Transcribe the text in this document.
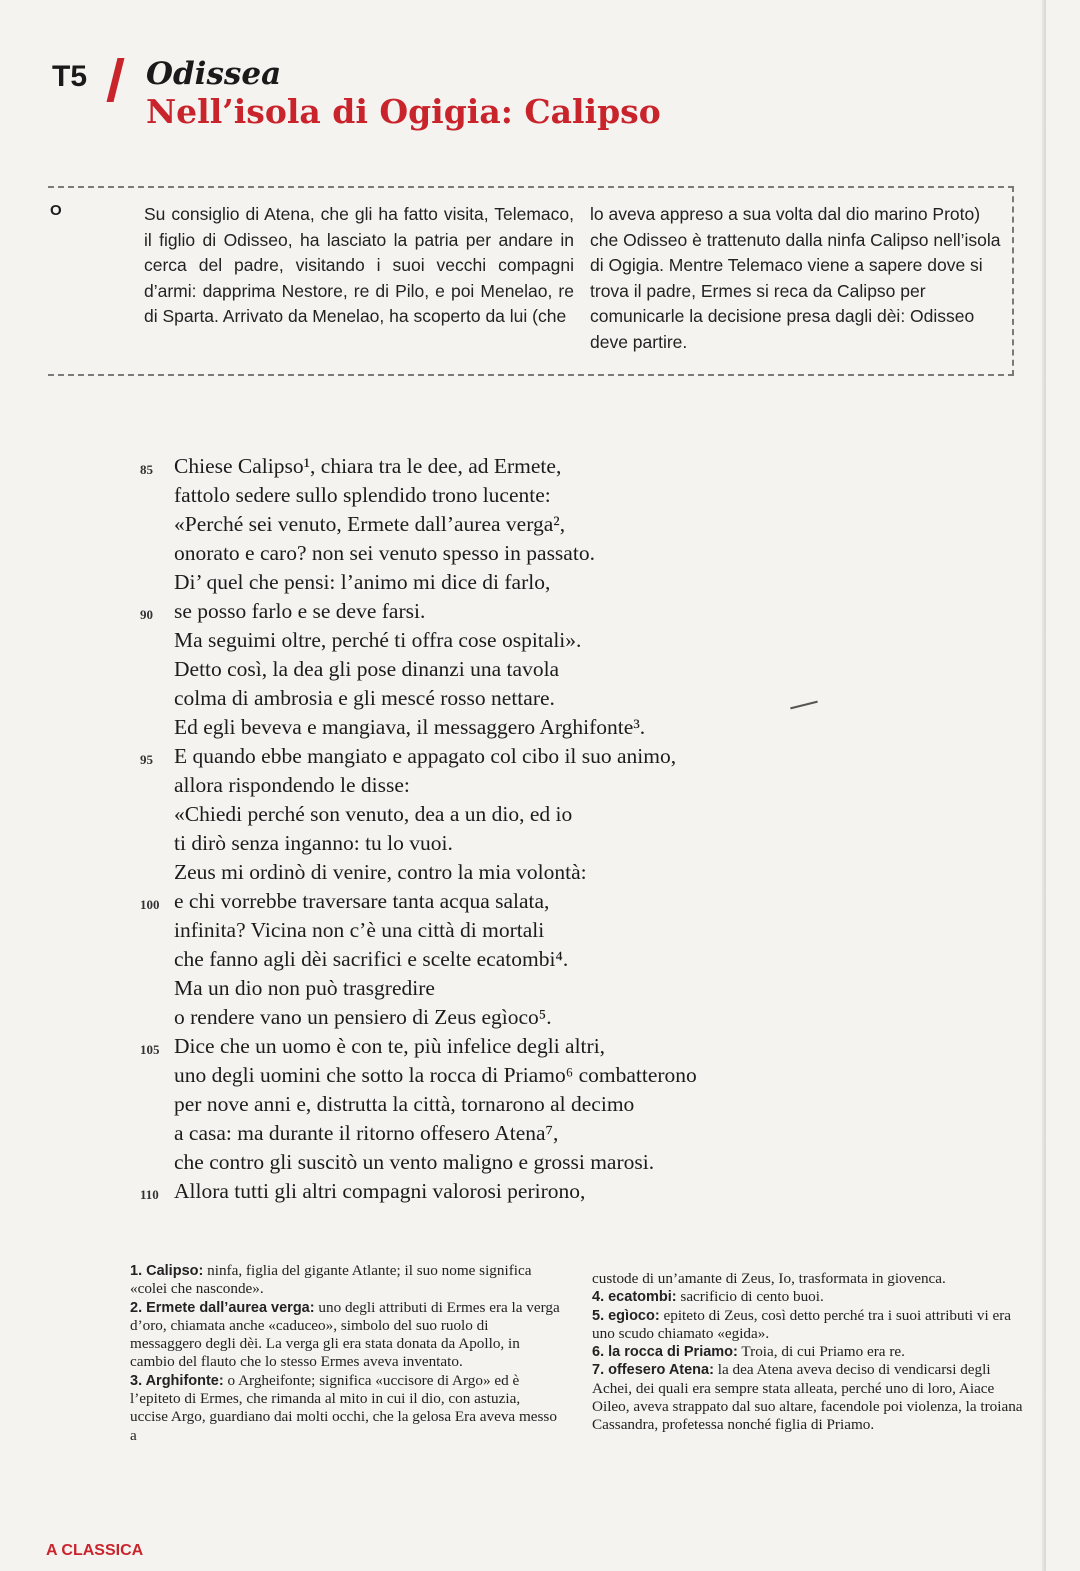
T5 Odissea
Nell’isola di Ogigia: Calipso
O	Su consiglio di Atena, che gli ha fatto visita, Telemaco, il figlio di Odisseo, ha lasciato la patria per andare in cerca del padre, visitando i suoi vecchi compagni d’armi: dapprima Nestore, re di Pilo, e poi Menelao, re di Sparta. Arrivato da Menelao, ha scoperto da lui (che
lo aveva appreso a sua volta dal dio marino Proto) che Odisseo è trattenuto dalla ninfa Calipso nell’isola di Ogigia. Mentre Telemaco viene a sapere dove si trova il padre, Ermes si reca da Calipso per comunicarle la decisione presa dagli dèi: Odisseo deve partire.
85 Chiese Calipso¹, chiara tra le dee, ad Ermete,
fattolo sedere sullo splendido trono lucente:
«Perché sei venuto, Ermete dall’aurea verga²,
onorato e caro? non sei venuto spesso in passato.
Di’ quel che pensi: l’animo mi dice di farlo,
90 se posso farlo e se deve farsi.
Ma seguimi oltre, perché ti offra cose ospitali».
Detto così, la dea gli pose dinanzi una tavola
colma di ambrosia e gli mescé rosso nettare.
Ed egli beveva e mangiava, il messaggero Arghifonte³.
95 E quando ebbe mangiato e appagato col cibo il suo animo,
allora rispondendo le disse:
«Chiedi perché son venuto, dea a un dio, ed io
ti dirò senza inganno: tu lo vuoi.
Zeus mi ordinò di venire, contro la mia volontà:
100 e chi vorrebbe traversare tanta acqua salata,
infinita? Vicina non c’è una città di mortali
che fanno agli dèi sacrifici e scelte ecatombi⁴.
Ma un dio non può trasgredire
o rendere vano un pensiero di Zeus egìoco⁵.
105 Dice che un uomo è con te, più infelice degli altri,
uno degli uomini che sotto la rocca di Priamo⁶ combatterono
per nove anni e, distrutta la città, tornarono al decimo
a casa: ma durante il ritorno offesero Atena⁷,
che contro gli suscitò un vento maligno e grossi marosi.
110 Allora tutti gli altri compagni valorosi perirono,

1. Calipso: ninfa, figlia del gigante Atlante; il suo nome significa «colei che nasconde».

2. Ermete dall’aurea verga: uno degli attributi di Ermes era la verga d’oro, chiamata anche «caduceo», simbolo del suo ruolo di messaggero degli dèi. La verga gli era stata donata da Apollo, in cambio del flauto che lo stesso Ermes aveva inventato.

3. Arghifonte: o Argheifonte; significa «uccisore di Argo» ed è l’epiteto di Ermes, che rimanda al mito in cui il dio, con astuzia, uccise Argo, guardiano dai molti occhi, che la gelosa Era aveva messo a

custode di un’amante di Zeus, Io, trasformata in giovenca.

4. ecatombi: sacrificio di cento buoi.

5. egìoco: epiteto di Zeus, così detto perché tra i suoi attributi vi era uno scudo chiamato «egida».

6. la rocca di Priamo: Troia, di cui Priamo era re.

7. offesero Atena: la dea Atena aveva deciso di vendicarsi degli Achei, dei quali era sempre stata alleata, perché uno di loro, Aiace Oileo, aveva strappato dal suo altare, facendole poi violenza, la troiana Cassandra, profetessa nonché figlia di Priamo.

A CLASSICA
